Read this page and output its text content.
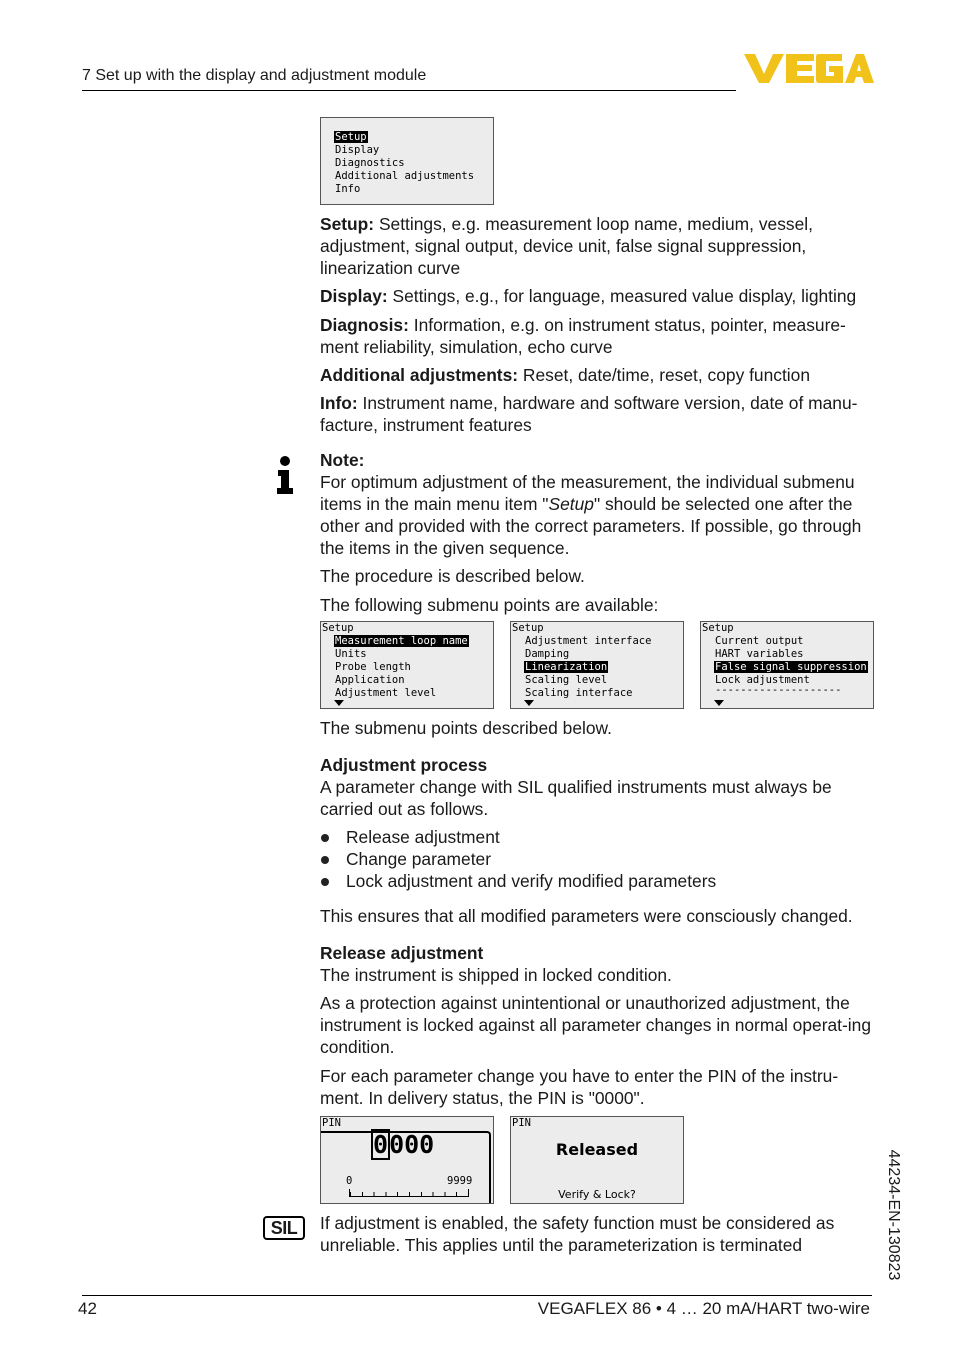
7 Set up with the display and adjustment module
Setup
Display
Diagnostics
Additional adjustments
Info

Setup: Settings, e.g. measurement loop name, medium, vessel, adjustment, signal output, device unit, false signal suppression, linearization curve

Display: Settings, e.g., for language, measured value display, lighting

Diagnosis: Information, e.g. on instrument status, pointer, measure-ment reliability, simulation, echo curve

Additional adjustments: Reset, date/time, reset, copy function

Info: Instrument name, hardware and software version, date of manu-facture, instrument features

Note:

For optimum adjustment of the measurement, the individual submenu items in the main menu item "Setup" should be selected one after the other and provided with the correct parameters. If possible, go through the items in the given sequence.

The procedure is described below.

The following submenu points are available:

Setup
Measurement loop name
Units
Probe length
Application
Adjustment level
Setup
Adjustment interface
Damping
Linearization
Scaling level
Scaling interface
Setup
Current output
HART variables
False signal suppression
Lock adjustment
--------------------

The submenu points described below.

Adjustment process

A parameter change with SIL qualified instruments must always be carried out as follows.

Release adjustment
Change parameter
Lock adjustment and verify modified parameters

This ensures that all modified parameters were consciously changed.

Release adjustment

The instrument is shipped in locked condition.

As a protection against unintentional or unauthorized adjustment, the instrument is locked against all parameter changes in normal operat-ing condition.

For each parameter change you have to enter the PIN of the instru-ment. In delivery status, the PIN is "0000".

PIN
0000
0	9999
PIN
Released
Verify & Lock?
SIL	If adjustment is enabled, the safety function must be considered as unreliable. This applies until the parameterization is terminated	44234-EN-130823
42	VEGAFLEX 86 • 4 … 20 mA/HART two-wire
